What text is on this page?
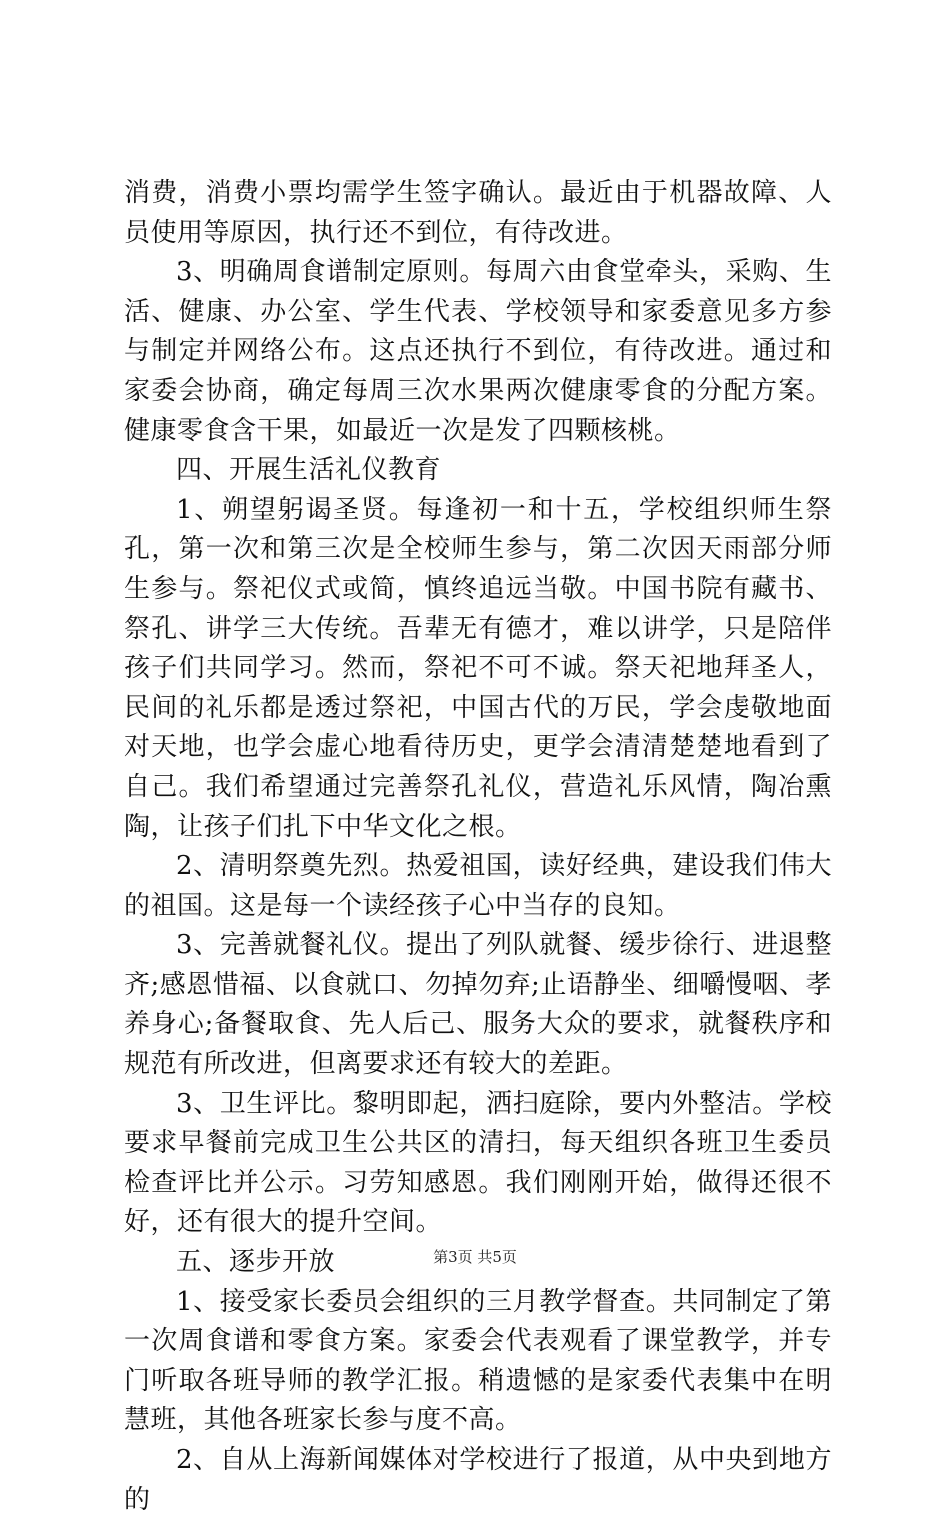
消费，消费小票均需学生签字确认。最近由于机器故障、人员使用等原因，执行还不到位，有待改进。

3、明确周食谱制定原则。每周六由食堂牵头，采购、生活、健康、办公室、学生代表、学校领导和家委意见多方参与制定并网络公布。这点还执行不到位，有待改进。通过和家委会协商，确定每周三次水果两次健康零食的分配方案。健康零食含干果，如最近一次是发了四颗核桃。

四、开展生活礼仪教育

1、朔望躬谒圣贤。每逢初一和十五，学校组织师生祭孔，第一次和第三次是全校师生参与，第二次因天雨部分师生参与。祭祀仪式或简，慎终追远当敬。中国书院有藏书、祭孔、讲学三大传统。吾辈无有德才，难以讲学，只是陪伴孩子们共同学习。然而，祭祀不可不诚。祭天祀地拜圣人，民间的礼乐都是透过祭祀，中国古代的万民，学会虔敬地面对天地，也学会虚心地看待历史，更学会清清楚楚地看到了自己。我们希望通过完善祭孔礼仪，营造礼乐风情，陶冶熏陶，让孩子们扎下中华文化之根。

2、清明祭奠先烈。热爱祖国，读好经典，建设我们伟大的祖国。这是每一个读经孩子心中当存的良知。

3、完善就餐礼仪。提出了列队就餐、缓步徐行、进退整齐;感恩惜福、以食就口、勿掉勿弃;止语静坐、细嚼慢咽、孝养身心;备餐取食、先人后己、服务大众的要求，就餐秩序和规范有所改进，但离要求还有较大的差距。

3、卫生评比。黎明即起，洒扫庭除，要内外整洁。学校要求早餐前完成卫生公共区的清扫，每天组织各班卫生委员检查评比并公示。习劳知感恩。我们刚刚开始，做得还很不好，还有很大的提升空间。

五、逐步开放

1、接受家长委员会组织的三月教学督查。共同制定了第一次周食谱和零食方案。家委会代表观看了课堂教学，并专门听取各班导师的教学汇报。稍遗憾的是家委代表集中在明慧班，其他各班家长参与度不高。

2、自从上海新闻媒体对学校进行了报道，从中央到地方的

第3页 共5页
